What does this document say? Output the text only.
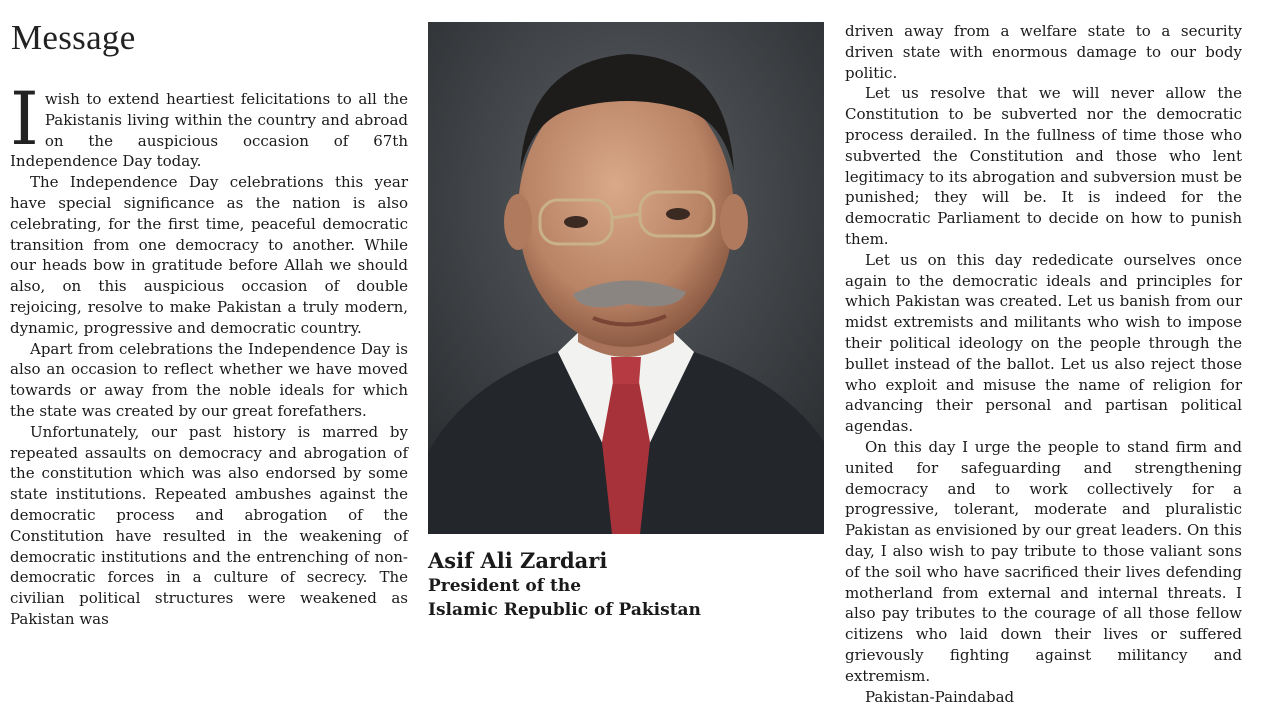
Message

Iwish to extend heartiest felicitations to all the Pakistanis living within the country and abroad on the auspicious occasion of 67th Independence Day today.

The Independence Day celebrations this year have special significance as the nation is also celebrating, for the first time, peaceful democratic transition from one democracy to another. While our heads bow in gratitude before Allah we should also, on this auspicious occasion of double rejoicing, resolve to make Pakistan a truly modern, dynamic, progressive and democratic country.

Apart from celebrations the Independence Day is also an occasion to reflect whether we have moved towards or away from the noble ideals for which the state was created by our great forefathers.

Unfortunately, our past history is marred by repeated assaults on democracy and abrogation of the constitution which was also endorsed by some state institutions. Repeated ambushes against the democratic process and abrogation of the Constitution have resulted in the weakening of democratic institutions and the entrenching of non-democratic forces in a culture of secrecy. The civilian political structures were weakened as Pakistan was

Asif Ali Zardari
President of the
Islamic Republic of Pakistan

driven away from a welfare state to a security driven state with enormous damage to our body politic.

Let us resolve that we will never allow the Constitution to be subverted nor the democratic process derailed. In the fullness of time those who subverted the Constitution and those who lent legitimacy to its abrogation and subversion must be punished; they will be. It is indeed for the democratic Parliament to decide on how to punish them.

Let us on this day rededicate ourselves once again to the democratic ideals and principles for which Pakistan was created. Let us banish from our midst extremists and militants who wish to impose their political ideology on the people through the bullet instead of the ballot. Let us also reject those who exploit and misuse the name of religion for advancing their personal and partisan political agendas.

On this day I urge the people to stand firm and united for safeguarding and strengthening democracy and to work collectively for a progressive, tolerant, moderate and pluralistic Pakistan as envisioned by our great leaders. On this day, I also wish to pay tribute to those valiant sons of the soil who have sacrificed their lives defending motherland from external and internal threats. I also pay tributes to the courage of all those fellow citizens who laid down their lives or suffered grievously fighting against militancy and extremism.

Pakistan-Paindabad
